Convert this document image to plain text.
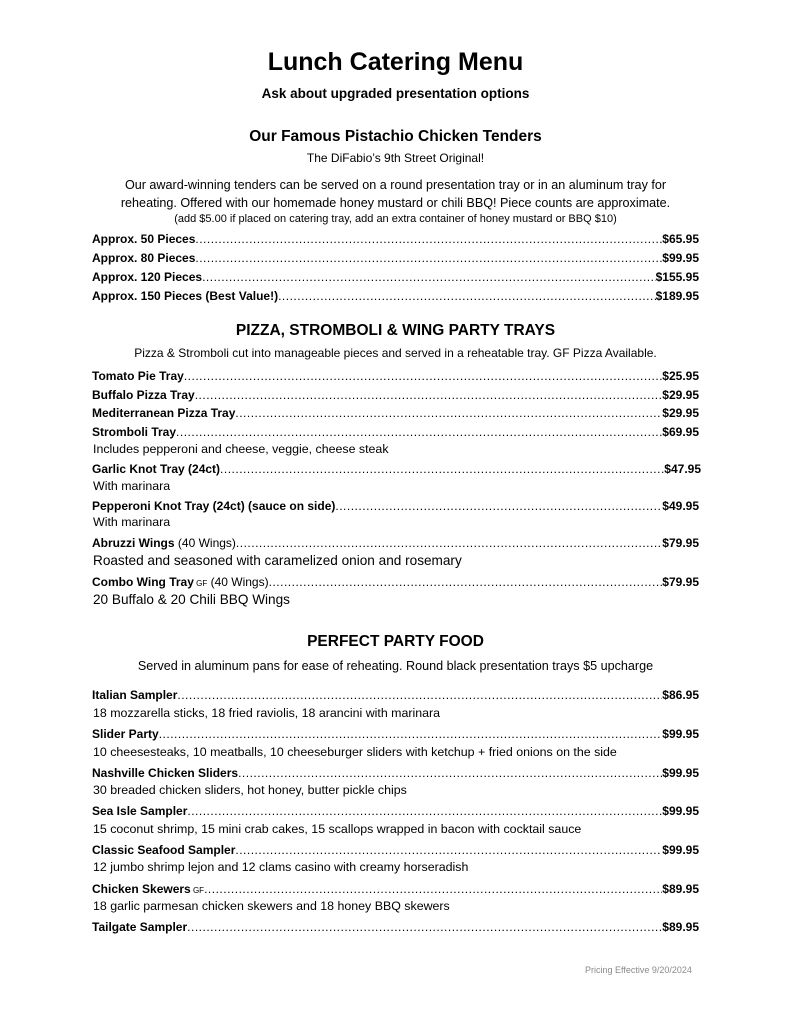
Lunch Catering Menu
Ask about upgraded presentation options
Our Famous Pistachio Chicken Tenders
The DiFabio’s 9th Street Original!
Our award-winning tenders can be served on a round presentation tray or in an aluminum tray for
reheating. Offered with our homemade honey mustard or chili BBQ! Piece counts are approximate.
(add $5.00 if placed on catering tray, add an extra container of honey mustard or BBQ $10)
Approx. 50 Pieces .....	$65.95
Approx. 80 Pieces .....	$99.95
Approx. 120 Pieces .....	$155.95
Approx. 150 Pieces (Best Value!) .....	$189.95
PIZZA, STROMBOLI & WING PARTY TRAYS
Pizza & Stromboli cut into manageable pieces and served in a reheatable tray. GF Pizza Available.
Tomato Pie Tray .....	$25.95
Buffalo Pizza Tray .....	$29.95
Mediterranean Pizza Tray .....	$29.95
Stromboli Tray .....	$69.95
Includes pepperoni and cheese, veggie, cheese steak
Garlic Knot Tray (24ct) .....	$47.95
With marinara
Pepperoni Knot Tray (24ct) (sauce on side) .....	$49.95
With marinara
Abruzzi Wings (40 Wings) .....	$79.95
Roasted and seasoned with caramelized onion and rosemary
Combo Wing Tray GF (40 Wings) .....	$79.95
20 Buffalo & 20 Chili BBQ Wings
PERFECT PARTY FOOD
Served in aluminum pans for ease of reheating. Round black presentation trays $5 upcharge
Italian Sampler .....	$86.95
18 mozzarella sticks, 18 fried raviolis, 18 arancini with marinara
Slider Party .....	$99.95
10 cheesesteaks, 10 meatballs, 10 cheeseburger sliders with ketchup + fried onions on the side
Nashville Chicken Sliders .....	$99.95
30 breaded chicken sliders, hot honey, butter pickle chips
Sea Isle Sampler .....	$99.95
15 coconut shrimp, 15 mini crab cakes, 15 scallops wrapped in bacon with cocktail sauce
Classic Seafood Sampler .....	$99.95
12 jumbo shrimp lejon and 12 clams casino with creamy horseradish
Chicken Skewers GF .....	$89.95
18 garlic parmesan chicken skewers and 18 honey BBQ skewers
Tailgate Sampler .....	$89.95
Pricing Effective 9/20/2024
